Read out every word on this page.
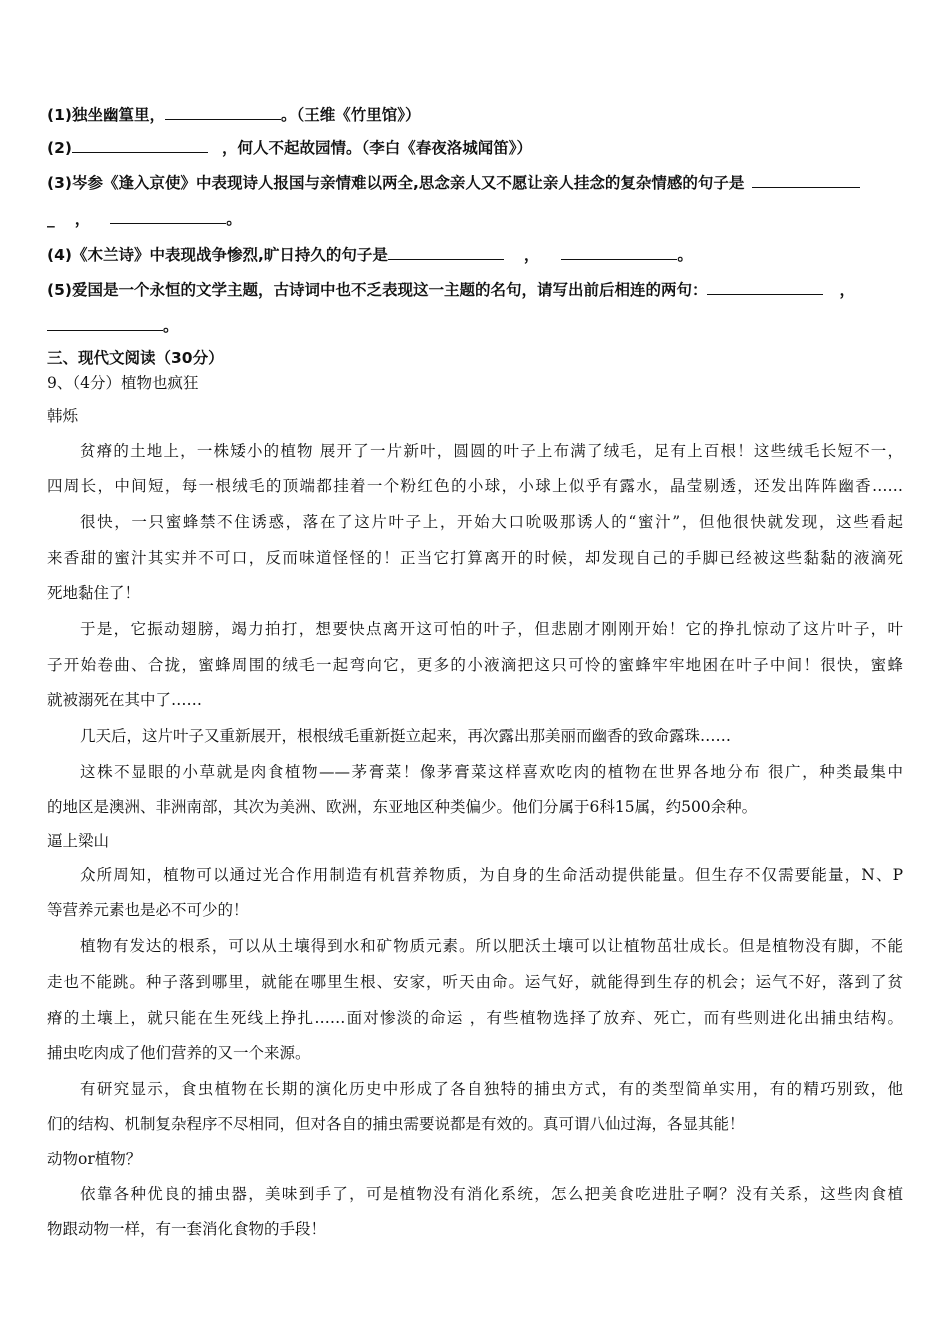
(1)独坐幽篁里，	。（王维《竹里馆》）
(2)	，何人不起故园情。（李白《春夜洛城闻笛》）
(3)岑参《逢入京使》中表现诗人报国与亲情难以两全,思念亲人又不愿让亲人挂念的复杂情感的句子是
_ ，	。
(4)《木兰诗》中表现战争惨烈,旷日持久的句子是	，	。
(5)爱国是一个永恒的文学主题，古诗词中也不乏表现这一主题的名句，请写出前后相连的两句：	，
。
三、现代文阅读（30分）
9、（4分）植物也疯狂
韩烁
贫瘠的土地上，一株矮小的植物 展开了一片新叶，圆圆的叶子上布满了绒毛，足有上百根！这些绒毛长短不一，
四周长，中间短，每一根绒毛的顶端都挂着一个粉红色的小球，小球上似乎有露水，晶莹剔透，还发出阵阵幽香……
很快，一只蜜蜂禁不住诱惑，落在了这片叶子上，开始大口吮吸那诱人的“蜜汁”，但他很快就发现，这些看起
来香甜的蜜汁其实并不可口，反而味道怪怪的！正当它打算离开的时候，却发现自己的手脚已经被这些黏黏的液滴死
死地黏住了！
于是，它振动翅膀，竭力拍打，想要快点离开这可怕的叶子，但悲剧才刚刚开始！它的挣扎惊动了这片叶子，叶
子开始卷曲、合拢，蜜蜂周围的绒毛一起弯向它，更多的小液滴把这只可怜的蜜蜂牢牢地困在叶子中间！很快，蜜蜂
就被溺死在其中了……
几天后，这片叶子又重新展开，根根绒毛重新挺立起来，再次露出那美丽而幽香的致命露珠……
这株不显眼的小草就是肉食植物——茅膏菜！像茅膏菜这样喜欢吃肉的植物在世界各地分布 很广，种类最集中
的地区是澳洲、非洲南部，其次为美洲、欧洲，东亚地区种类偏少。他们分属于6科15属，约500余种。
逼上梁山
众所周知，植物可以通过光合作用制造有机营养物质，为自身的生命活动提供能量。但生存不仅需要能量，N、P
等营养元素也是必不可少的！
植物有发达的根系，可以从土壤得到水和矿物质元素。所以肥沃土壤可以让植物茁壮成长。但是植物没有脚，不能
走也不能跳。种子落到哪里，就能在哪里生根、安家，听天由命。运气好，就能得到生存的机会；运气不好，落到了贫
瘠的土壤上，就只能在生死线上挣扎……面对惨淡的命运 ，有些植物选择了放弃、死亡，而有些则进化出捕虫结构。
捕虫吃肉成了他们营养的又一个来源。
有研究显示，食虫植物在长期的演化历史中形成了各自独特的捕虫方式，有的类型简单实用，有的精巧别致，他
们的结构、机制复杂程序不尽相同，但对各自的捕虫需要说都是有效的。真可谓八仙过海，各显其能！
动物or植物？
依靠各种优良的捕虫器，美味到手了，可是植物没有消化系统，怎么把美食吃进肚子啊？没有关系，这些肉食植
物跟动物一样，有一套消化食物的手段！
